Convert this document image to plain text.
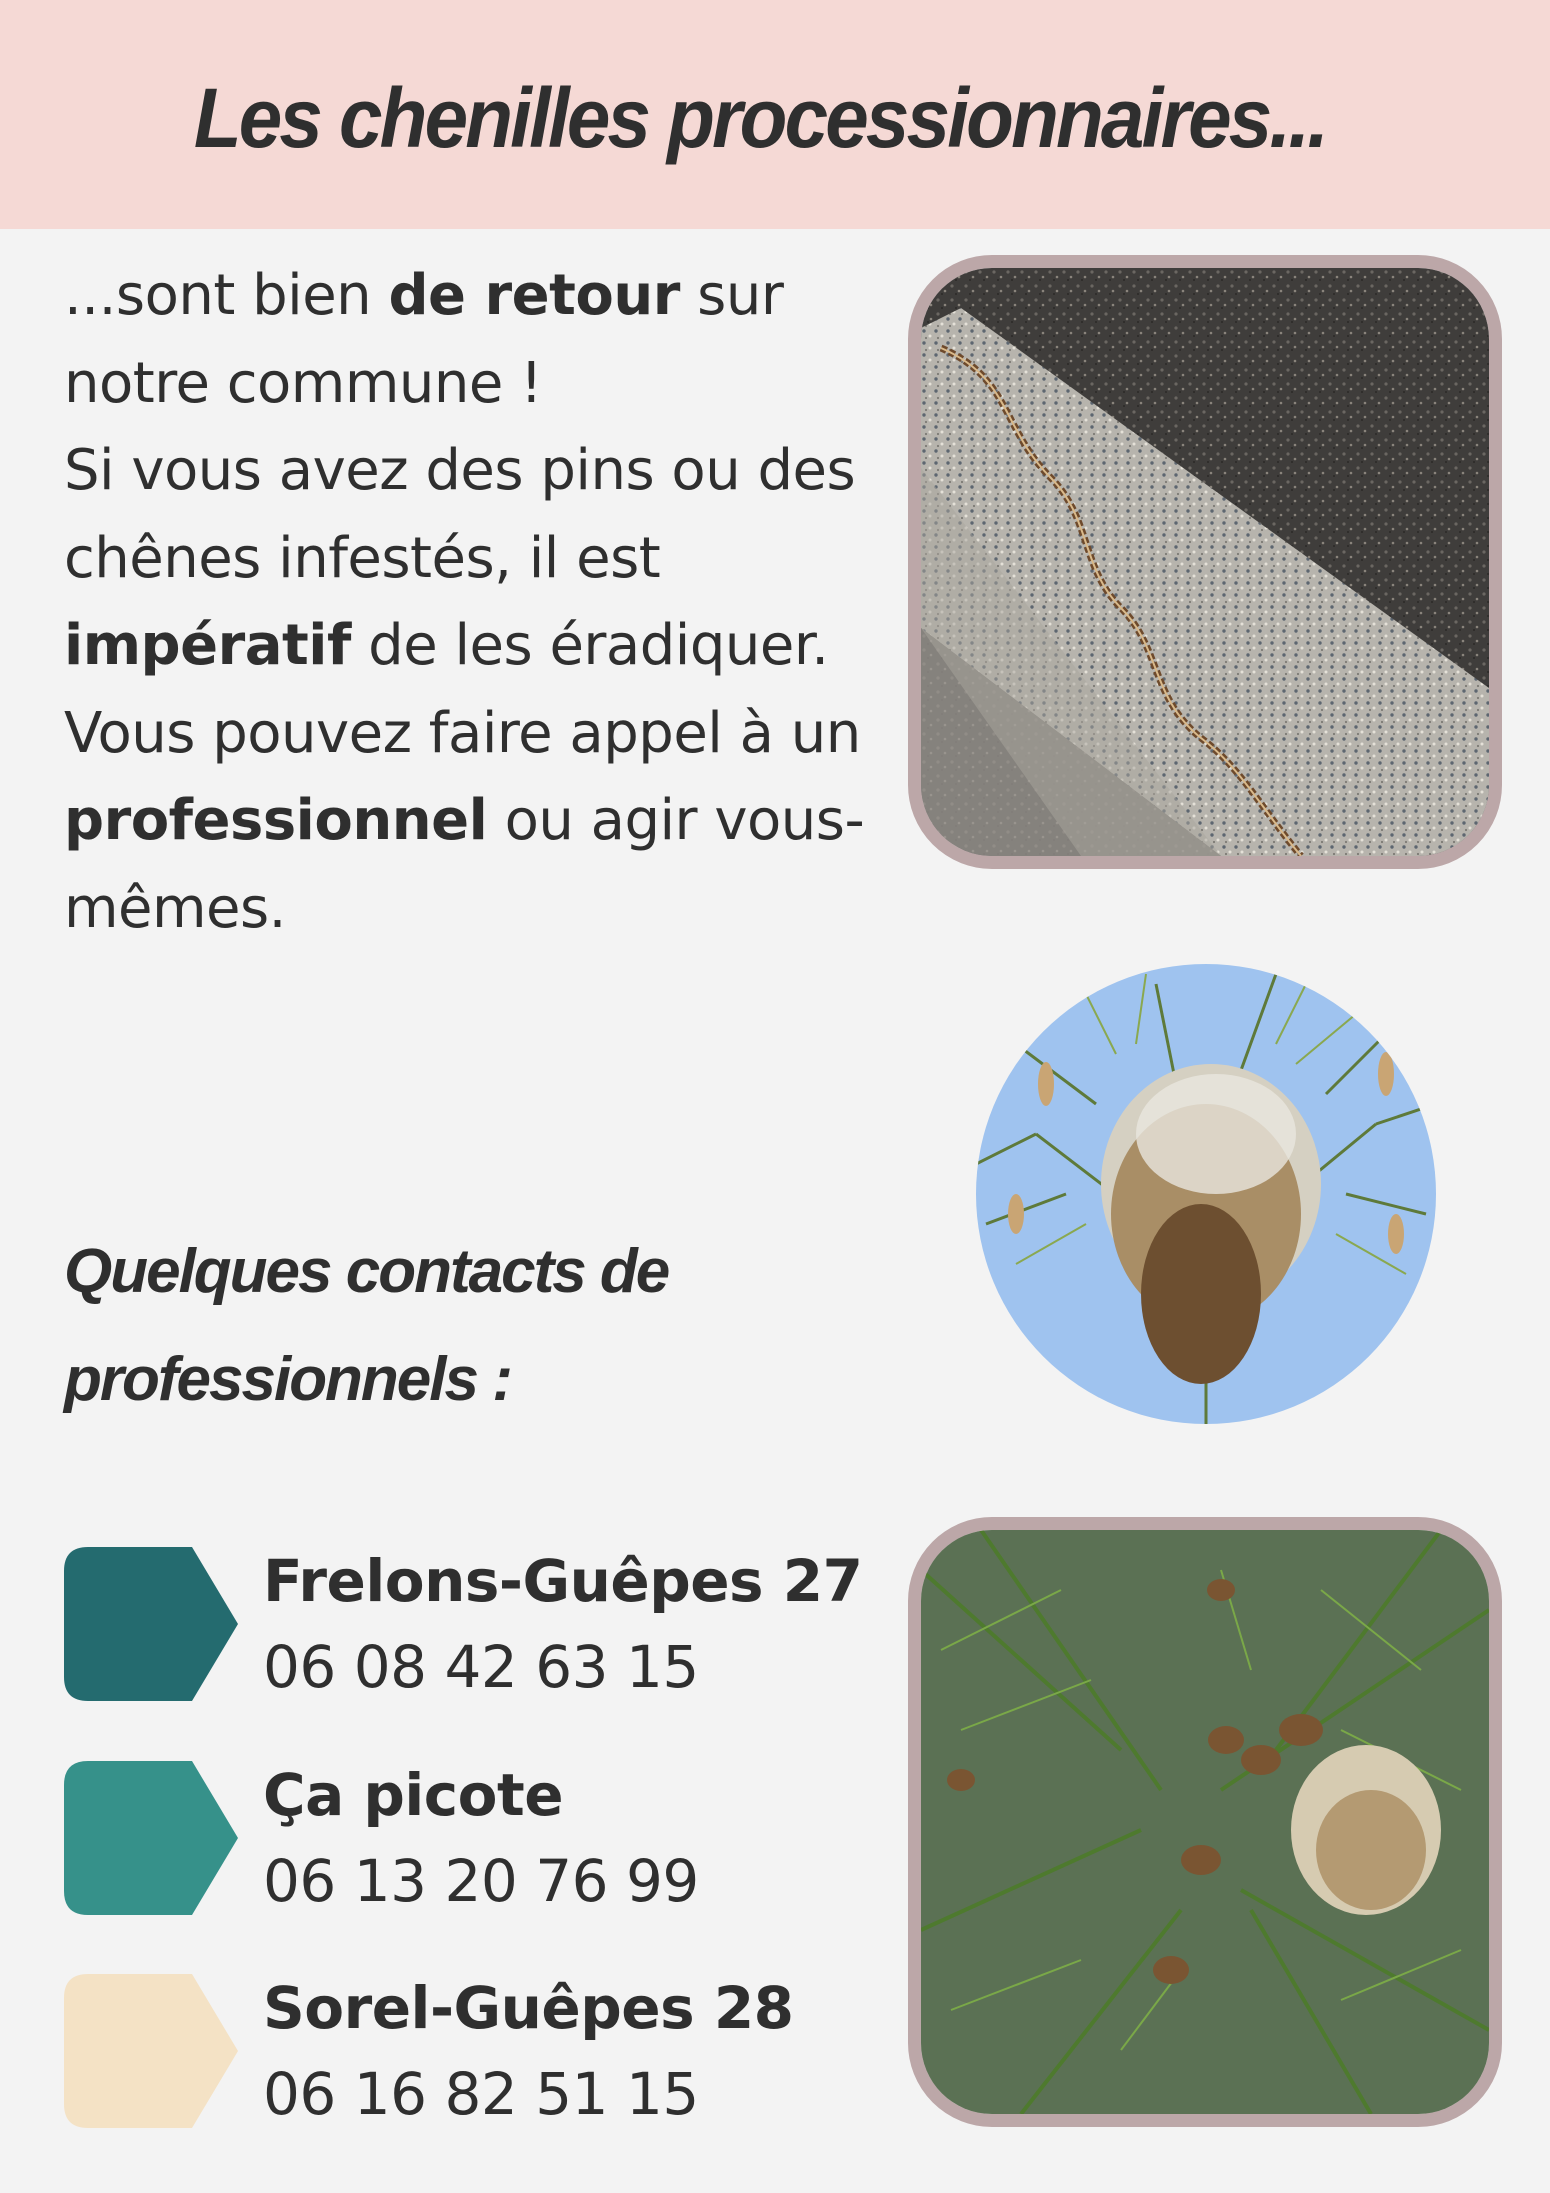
Les chenilles processionnaires...

...sont bien de retour sur notre commune !
Si vous avez des pins ou des chênes infestés, il est impératif de les éradiquer.
Vous pouvez faire appel à un professionnel ou agir vous-mêmes.

Quelques contacts de professionnels :
Frelons-Guêpes 27
06 08 42 63 15
Ça picote
06 13 20 76 99
Sorel-Guêpes 28
06 16 82 51 15
